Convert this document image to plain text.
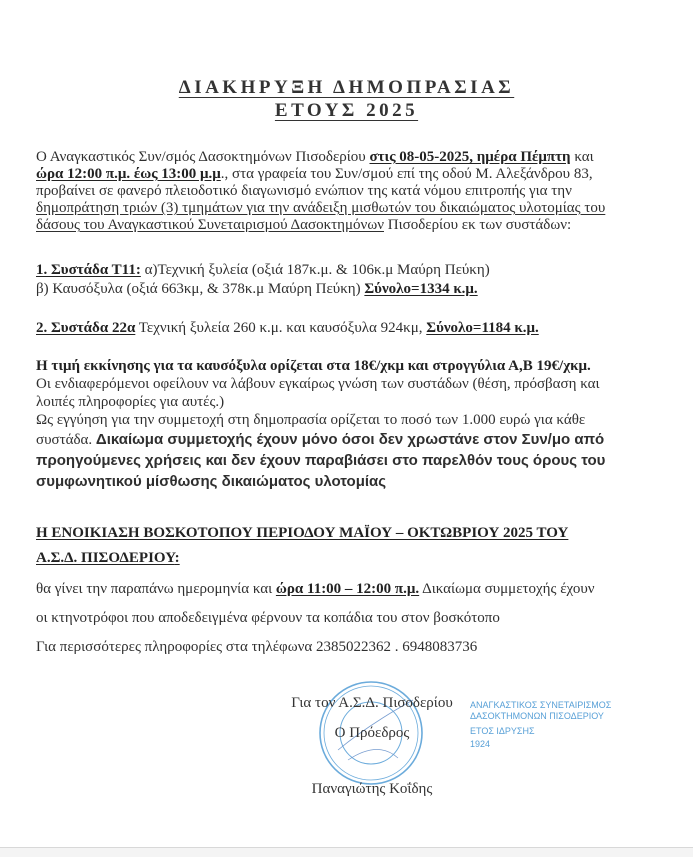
ΔΙΑΚΗΡΥΞΗ ΔΗΜΟΠΡΑΣΙΑΣ
ΕΤΟΥΣ 2025
Ο Αναγκαστικός Συν/σμός Δασοκτημόνων Πισοδερίου στις 08-05-2025, ημέρα Πέμπτη και
ώρα 12:00 π.μ. έως 13:00 μ.μ., στα γραφεία του Συν/σμού επί της οδού Μ. Αλεξάνδρου 83,
προβαίνει σε φανερό πλειοδοτικό διαγωνισμό ενώπιον της κατά νόμου επιτροπής για την
δημοπράτηση τριών (3) τμημάτων για την ανάδειξη μισθωτών του δικαιώματος υλοτομίας του
δάσους του Αναγκαστικού Συνεταιρισμού Δασοκτημόνων Πισοδερίου εκ των συστάδων:
1. Συστάδα Τ11: α)Τεχνική ξυλεία (οξιά 187κ.μ. & 106κ.μ Μαύρη Πεύκη)
β) Καυσόξυλα (οξιά 663κμ, & 378κ.μ Μαύρη Πεύκη) Σύνολο=1334 κ.μ.
2. Συστάδα 22α Τεχνική ξυλεία 260 κ.μ. και καυσόξυλα 924κμ, Σύνολο=1184 κ.μ.
Η τιμή εκκίνησης για τα καυσόξυλα ορίζεται στα 18€/χκμ και στρογγύλια Α,Β 19€/χκμ.
Οι ενδιαφερόμενοι οφείλουν να λάβουν εγκαίρως γνώση των συστάδων (θέση, πρόσβαση και
λοιπές πληροφορίες για αυτές.)
Ως εγγύηση για την συμμετοχή στη δημοπρασία ορίζεται το ποσό των 1.000 ευρώ για κάθε
συστάδα. Δικαίωμα συμμετοχής έχουν μόνο όσοι δεν χρωστάνε στον Συν/μο από
προηγούμενες χρήσεις και δεν έχουν παραβιάσει στο παρελθόν τους όρους του
συμφωνητικού μίσθωσης δικαιώματος υλοτομίας
Η ΕΝΟΙΚΙΑΣΗ ΒΟΣΚΟΤΟΠΟΥ ΠΕΡΙΟΔΟΥ ΜΑΪΟΥ – ΟΚΤΩΒΡΙΟΥ 2025 ΤΟΥ
Α.Σ.Δ. ΠΙΣΟΔΕΡΙΟΥ:
θα γίνει την παραπάνω ημερομηνία και ώρα 11:00 – 12:00 π.μ. Δικαίωμα συμμετοχής έχουν
οι κτηνοτρόφοι που αποδεδειγμένα φέρνουν τα κοπάδια του στον βοσκότοπο
Για περισσότερες πληροφορίες στα τηλέφωνα 2385022362 . 6948083736
ΑΝΑΓΚΑΣΤΙΚΟΣ ΣΥΝΕΤΑΙΡΙΣΜΟΣ ΔΑΣΟΚΤΗΜΟΝΩΝ ΠΙΣΟΔΕΡΙΟΥ
ΕΤΟΣ ΙΔΡΥΣΗΣ
1924
Για τον Α.Σ.Δ. Πισοδερίου
Ο Πρόεδρος
Παναγιώτης Κοΐδης
